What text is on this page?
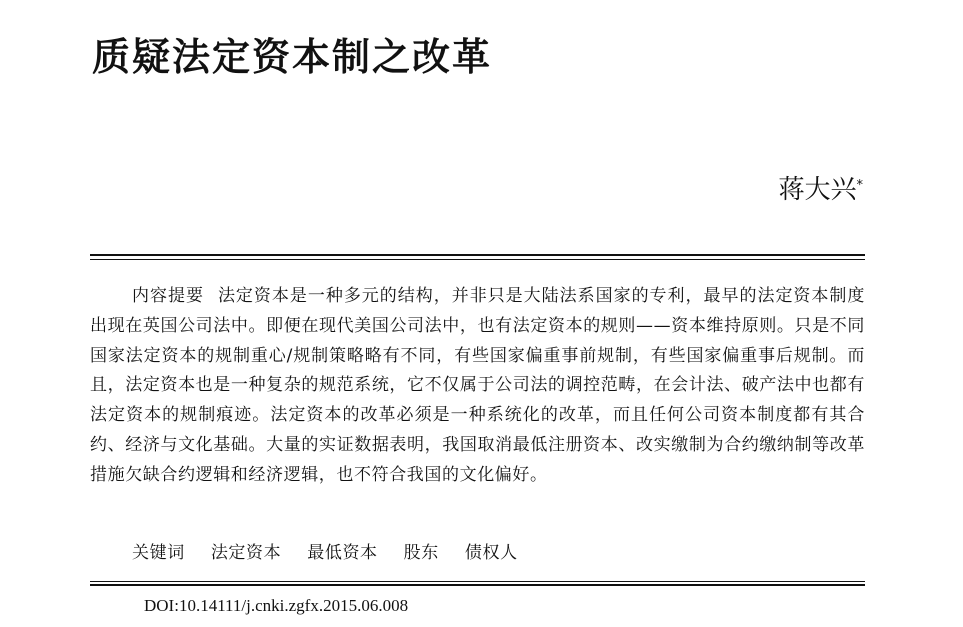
质疑法定资本制之改革
蒋大兴*
内容提要 法定资本是一种多元的结构，并非只是大陆法系国家的专利，最早的法定资本制度出现在英国公司法中。即便在现代美国公司法中，也有法定资本的规则——资本维持原则。只是不同国家法定资本的规制重心/规制策略略有不同，有些国家偏重事前规制，有些国家偏重事后规制。而且，法定资本也是一种复杂的规范系统，它不仅属于公司法的调控范畴，在会计法、破产法中也都有法定资本的规制痕迹。法定资本的改革必须是一种系统化的改革，而且任何公司资本制度都有其合约、经济与文化基础。大量的实证数据表明，我国取消最低注册资本、改实缴制为合约缴纳制等改革措施欠缺合约逻辑和经济逻辑，也不符合我国的文化偏好。
关键词 法定资本 最低资本 股东 债权人
DOI:10.14111/j.cnki.zgfx.2015.06.008
